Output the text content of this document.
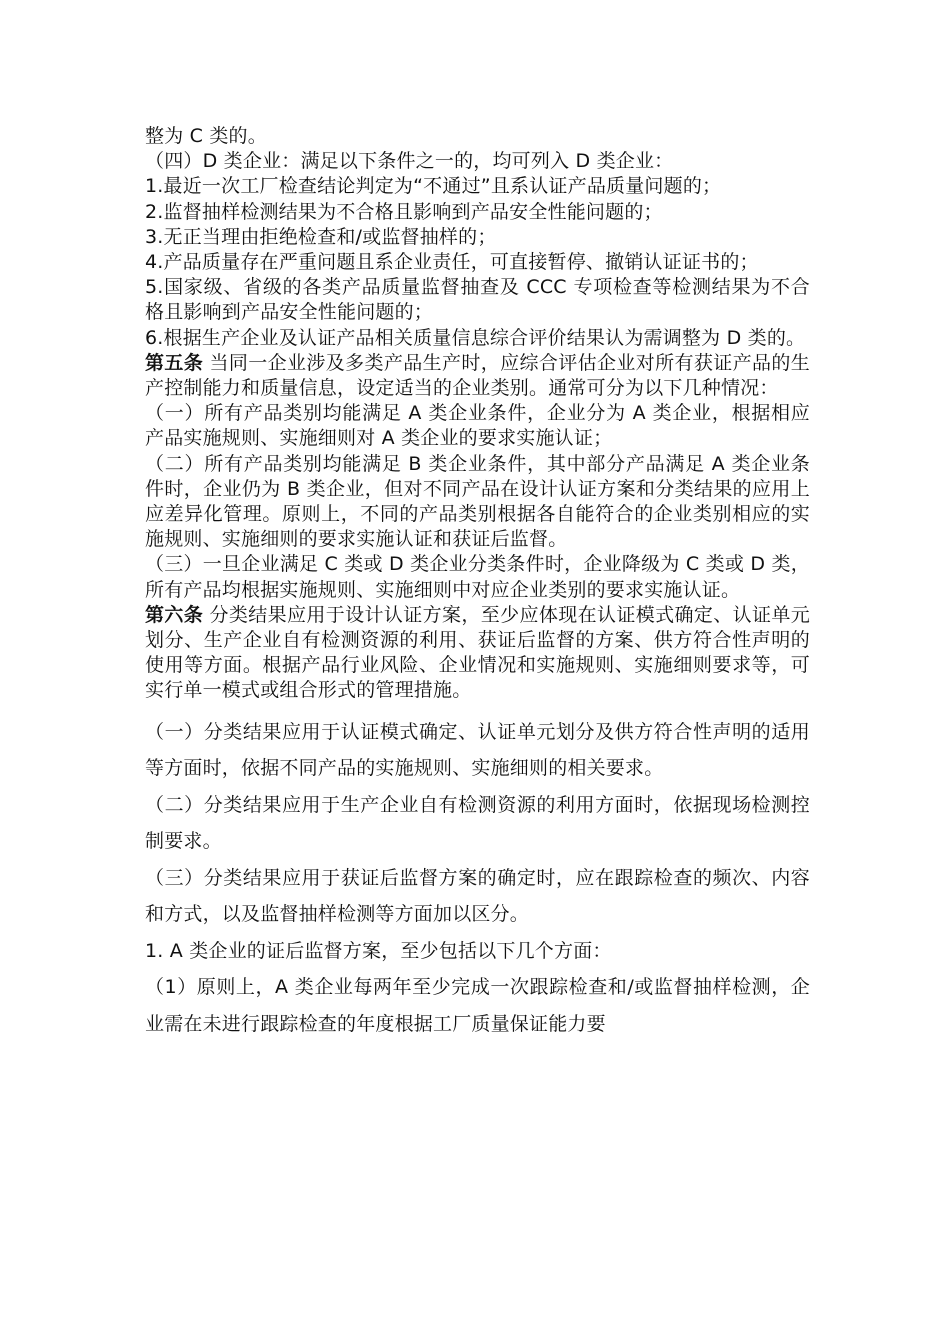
整为 C 类的。

（四）D 类企业：满足以下条件之一的，均可列入 D 类企业：

1.最近一次工厂检查结论判定为“不通过”且系认证产品质量问题的；

2.监督抽样检测结果为不合格且影响到产品安全性能问题的；

3.无正当理由拒绝检查和/或监督抽样的；

4.产品质量存在严重问题且系企业责任，可直接暂停、撤销认证证书的；

5.国家级、省级的各类产品质量监督抽查及 CCC 专项检查等检测结果为不合格且影响到产品安全性能问题的；

6.根据生产企业及认证产品相关质量信息综合评价结果认为需调整为 D 类的。

第五条 当同一企业涉及多类产品生产时，应综合评估企业对所有获证产品的生产控制能力和质量信息，设定适当的企业类别。通常可分为以下几种情况：

（一）所有产品类别均能满足 A 类企业条件，企业分为 A 类企业，根据相应产品实施规则、实施细则对 A 类企业的要求实施认证；

（二）所有产品类别均能满足 B 类企业条件，其中部分产品满足 A 类企业条件时，企业仍为 B 类企业，但对不同产品在设计认证方案和分类结果的应用上应差异化管理。原则上，不同的产品类别根据各自能符合的企业类别相应的实施规则、实施细则的要求实施认证和获证后监督。

（三）一旦企业满足 C 类或 D 类企业分类条件时，企业降级为 C 类或 D 类，所有产品均根据实施规则、实施细则中对应企业类别的要求实施认证。

第六条 分类结果应用于设计认证方案，至少应体现在认证模式确定、认证单元划分、生产企业自有检测资源的利用、获证后监督的方案、供方符合性声明的使用等方面。根据产品行业风险、企业情况和实施规则、实施细则要求等，可实行单一模式或组合形式的管理措施。

（一）分类结果应用于认证模式确定、认证单元划分及供方符合性声明的适用等方面时，依据不同产品的实施规则、实施细则的相关要求。

（二）分类结果应用于生产企业自有检测资源的利用方面时，依据现场检测控制要求。

（三）分类结果应用于获证后监督方案的确定时，应在跟踪检查的频次、内容和方式，以及监督抽样检测等方面加以区分。

1. A 类企业的证后监督方案，至少包括以下几个方面：

（1）原则上，A 类企业每两年至少完成一次跟踪检查和/或监督抽样检测，企业需在未进行跟踪检查的年度根据工厂质量保证能力要
